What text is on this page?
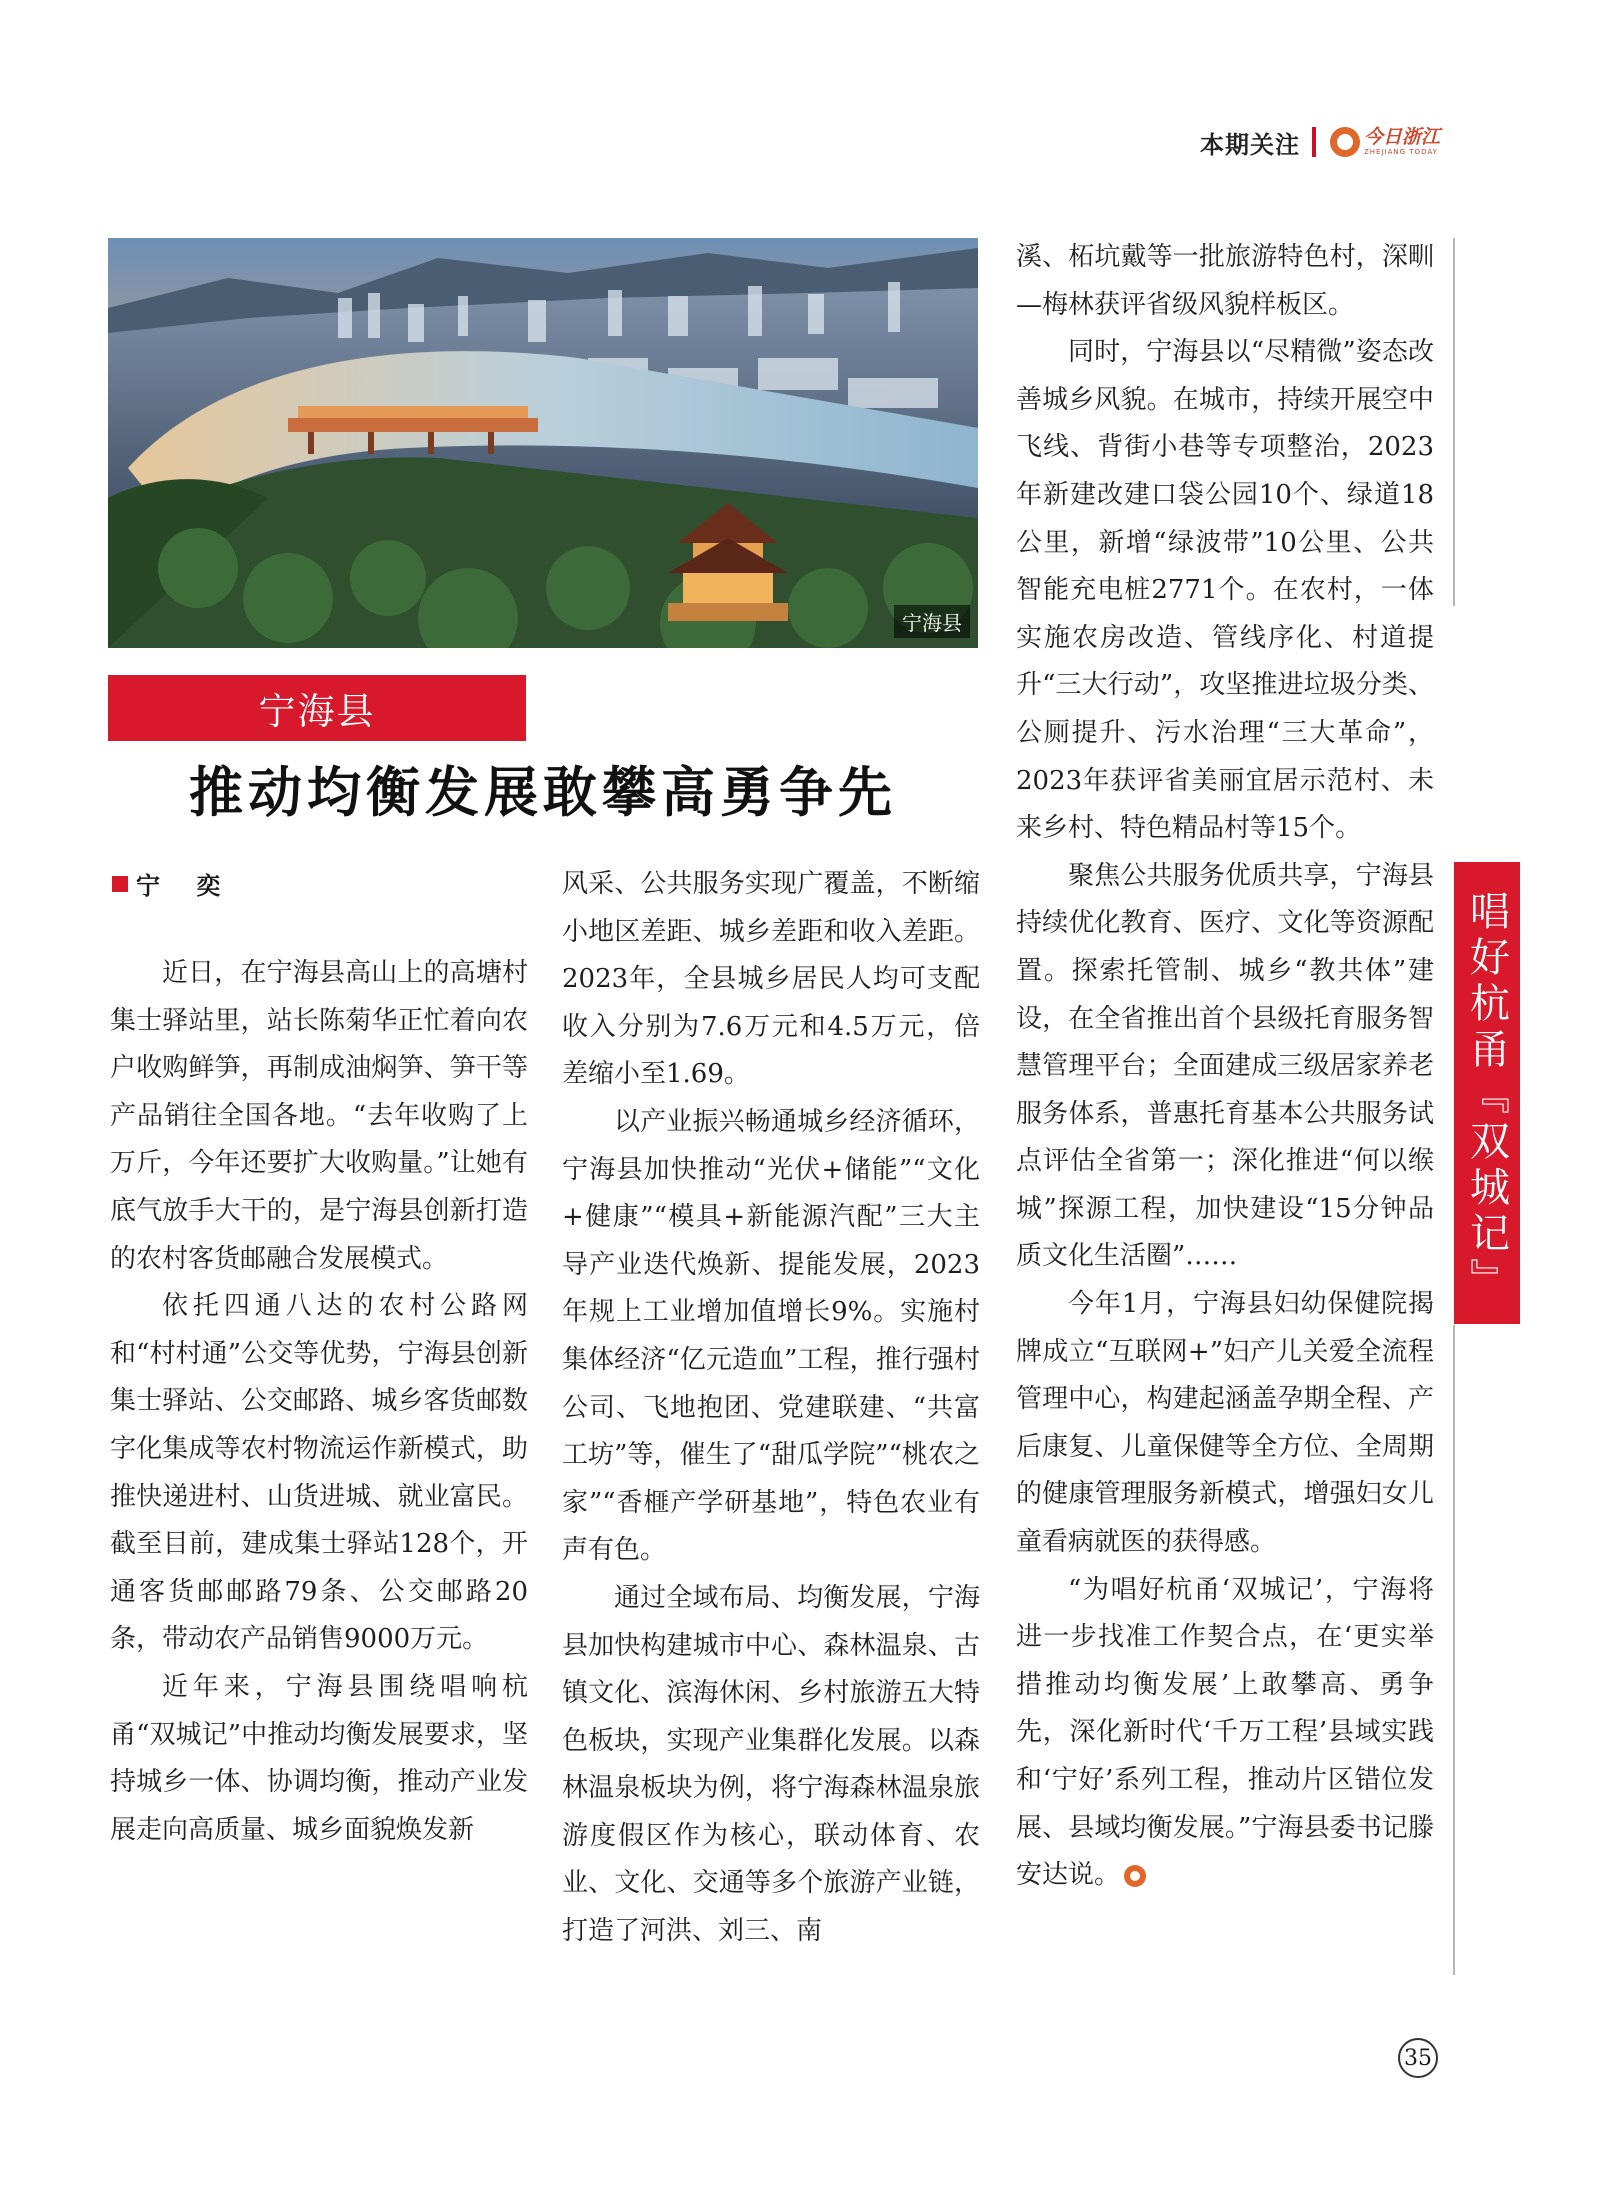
本期关注	今日浙江
ZHEJIANG TODAY
宁海县
宁海县
推动均衡发展敢攀高勇争先
宁 奕

近日，在宁海县高山上的高塘村集士驿站里，站长陈菊华正忙着向农户收购鲜笋，再制成油焖笋、笋干等产品销往全国各地。“去年收购了上万斤，今年还要扩大收购量。”让她有底气放手大干的，是宁海县创新打造的农村客货邮融合发展模式。

依托四通八达的农村公路网和“村村通”公交等优势，宁海县创新集士驿站、公交邮路、城乡客货邮数字化集成等农村物流运作新模式，助推快递进村、山货进城、就业富民。截至目前，建成集士驿站128个，开通客货邮邮路79条、公交邮路20条，带动农产品销售9000万元。

近年来，宁海县围绕唱响杭甬“双城记”中推动均衡发展要求，坚持城乡一体、协调均衡，推动产业发展走向高质量、城乡面貌焕发新

风采、公共服务实现广覆盖，不断缩小地区差距、城乡差距和收入差距。2023年，全县城乡居民人均可支配收入分别为7.6万元和4.5万元，倍差缩小至1.69。

以产业振兴畅通城乡经济循环，宁海县加快推动“光伏+储能”“文化+健康”“模具+新能源汽配”三大主导产业迭代焕新、提能发展，2023年规上工业增加值增长9%。实施村集体经济“亿元造血”工程，推行强村公司、飞地抱团、党建联建、“共富工坊”等，催生了“甜瓜学院”“桃农之家”“香榧产学研基地”，特色农业有声有色。

通过全域布局、均衡发展，宁海县加快构建城市中心、森林温泉、古镇文化、滨海休闲、乡村旅游五大特色板块，实现产业集群化发展。以森林温泉板块为例，将宁海森林温泉旅游度假区作为核心，联动体育、农业、文化、交通等多个旅游产业链，打造了河洪、刘三、南

溪、柘坑戴等一批旅游特色村，深甽—梅林获评省级风貌样板区。

同时，宁海县以“尽精微”姿态改善城乡风貌。在城市，持续开展空中飞线、背街小巷等专项整治，2023年新建改建口袋公园10个、绿道18公里，新增“绿波带”10公里、公共智能充电桩2771个。在农村，一体实施农房改造、管线序化、村道提升“三大行动”，攻坚推进垃圾分类、公厕提升、污水治理“三大革命”，2023年获评省美丽宜居示范村、未来乡村、特色精品村等15个。

聚焦公共服务优质共享，宁海县持续优化教育、医疗、文化等资源配置。探索托管制、城乡“教共体”建设，在全省推出首个县级托育服务智慧管理平台；全面建成三级居家养老服务体系，普惠托育基本公共服务试点评估全省第一；深化推进“何以缑城”探源工程，加快建设“15分钟品质文化生活圈”……

今年1月，宁海县妇幼保健院揭牌成立“互联网+”妇产儿关爱全流程管理中心，构建起涵盖孕期全程、产后康复、儿童保健等全方位、全周期的健康管理服务新模式，增强妇女儿童看病就医的获得感。

“为唱好杭甬‘双城记’，宁海将进一步找准工作契合点，在‘更实举措推动均衡发展’上敢攀高、勇争先，深化新时代‘千万工程’县域实践和‘宁好’系列工程，推动片区错位发展、县域均衡发展。”宁海县委书记滕安达说。

唱好杭甬『双城记』
35
